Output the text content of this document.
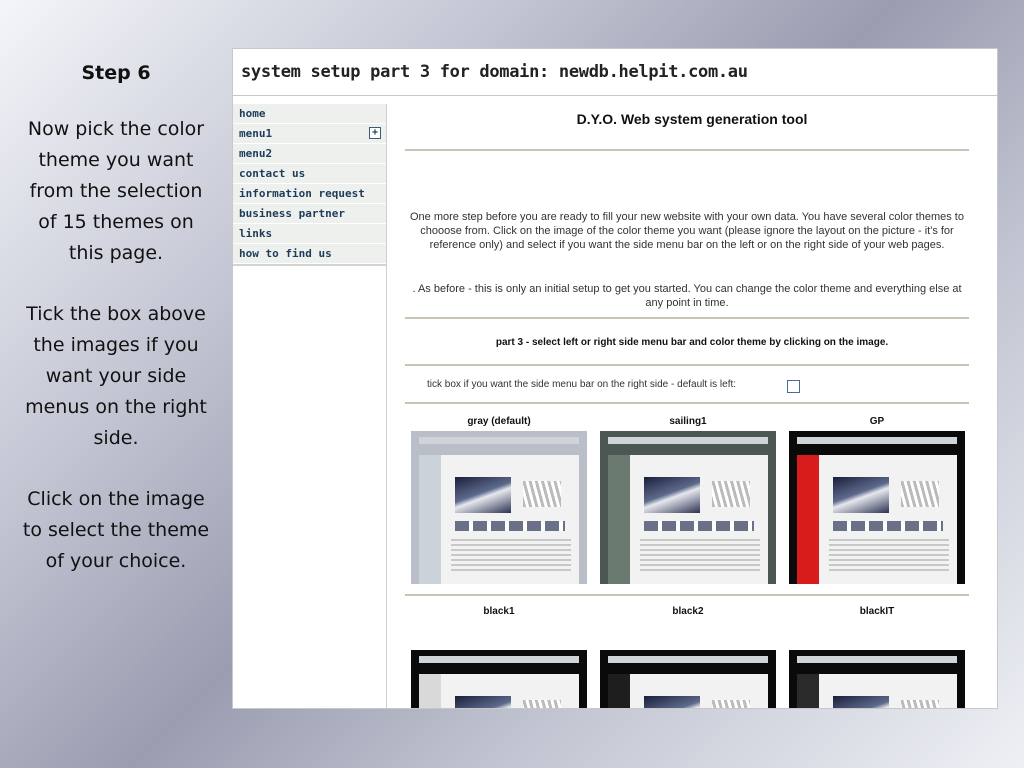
Step 6

Now pick the color theme you want from the selection of 15 themes on this page.

Tick the box above the images if you want your side menus on the right side.

Click on the image to select the theme of your choice.

system setup part 3 for domain: newdb.helpit.com.au
home
menu1	+
menu2
contact us
information request
business partner
links
how to find us
D.Y.O. Web system generation tool
One more step before you are ready to fill your new website with your own data. You have several color themes to chooose from. Click on the image of the color theme you want (please ignore the layout on the picture - it's for reference only) and select if you want the side menu bar on the left or on the right side of your web pages.
. As before - this is only an initial setup to get you started. You can change the color theme and everything else at any point in time.
part 3 - select left or right side menu bar and color theme by clicking on the image.
tick box if you want the side menu bar on the right side - default is left:
gray (default)	sailing1	GP
black1	black2	blackIT
